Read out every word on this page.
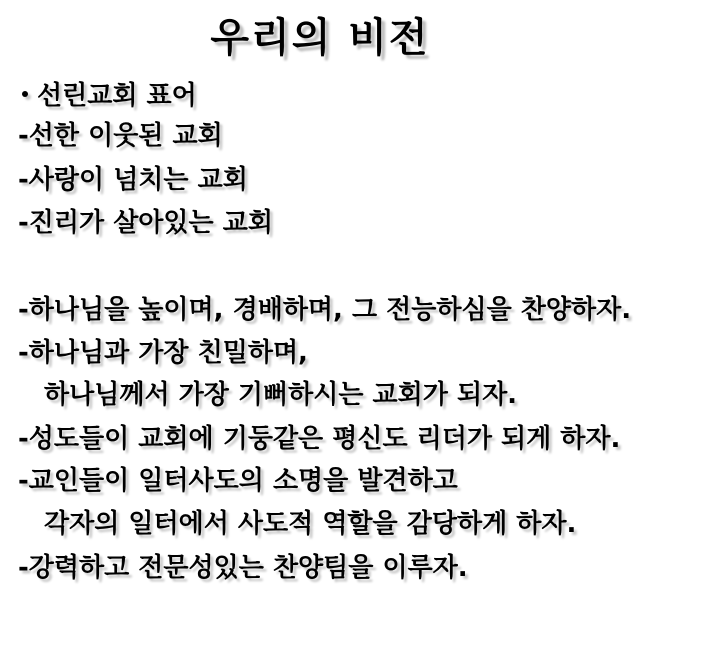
우리의 비전
선린교회 표어
-선한 이웃된 교회
-사랑이 넘치는 교회
-진리가 살아있는 교회
-하나님을 높이며, 경배하며, 그 전능하심을 찬양하자.
-하나님과 가장 친밀하며,
하나님께서 가장 기뻐하시는 교회가 되자.
-성도들이 교회에 기둥같은 평신도 리더가 되게 하자.
-교인들이 일터사도의 소명을 발견하고
각자의 일터에서 사도적 역할을 감당하게 하자.
-강력하고 전문성있는 찬양팀을 이루자.
